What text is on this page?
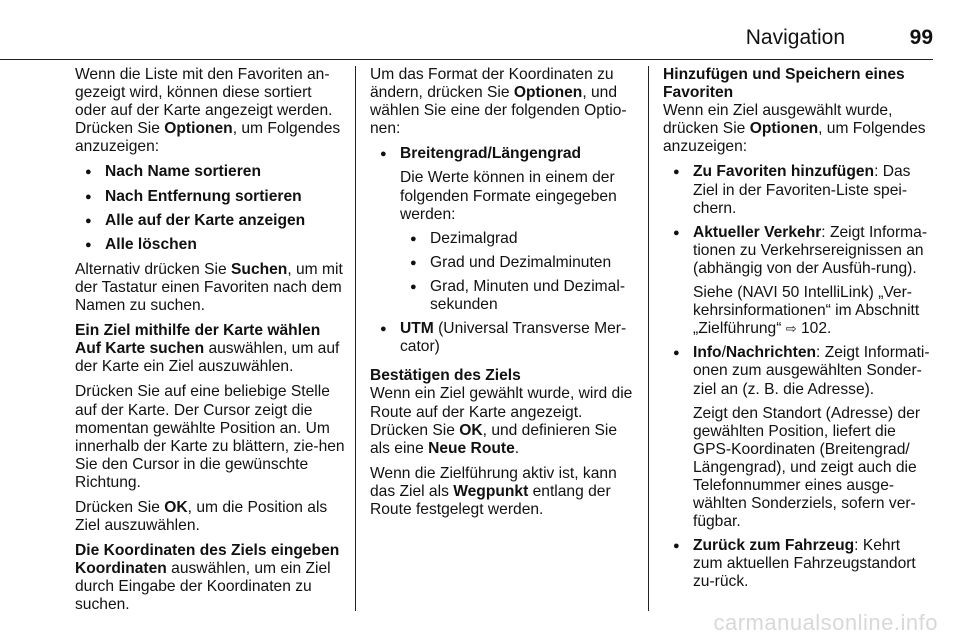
Navigation	99

Wenn die Liste mit den Favoriten an-gezeigt wird, können diese sortiert oder auf der Karte angezeigt werden. Drücken Sie Optionen, um Folgendes anzuzeigen:

● Nach Name sortieren
● Nach Entfernung sortieren
● Alle auf der Karte anzeigen
● Alle löschen

Alternativ drücken Sie Suchen, um mit der Tastatur einen Favoriten nach dem Namen zu suchen.

Ein Ziel mithilfe der Karte wählen Auf Karte suchen auswählen, um auf der Karte ein Ziel auszuwählen.

Drücken Sie auf eine beliebige Stelle auf der Karte. Der Cursor zeigt die momentan gewählte Position an. Um innerhalb der Karte zu blättern, zie-hen Sie den Cursor in die gewünschte Richtung.

Drücken Sie OK, um die Position als Ziel auszuwählen.

Die Koordinaten des Ziels eingeben Koordinaten auswählen, um ein Ziel durch Eingabe der Koordinaten zu suchen.

Um das Format der Koordinaten zu ändern, drücken Sie Optionen, und wählen Sie eine der folgenden Optio-nen:

● Breitengrad/Längengrad
Die Werte können in einem der folgenden Formate eingegeben werden:
● Dezimalgrad
● Grad und Dezimalminuten
● Grad, Minuten und Dezimal-sekunden
● UTM (Universal Transverse Mer-cator)

Bestätigen des Ziels

Wenn ein Ziel gewählt wurde, wird die Route auf der Karte angezeigt.

Drücken Sie OK, und definieren Sie als eine Neue Route.

Wenn die Zielführung aktiv ist, kann das Ziel als Wegpunkt entlang der Route festgelegt werden.

Hinzufügen und Speichern eines Favoriten

Wenn ein Ziel ausgewählt wurde, drücken Sie Optionen, um Folgendes anzuzeigen:

● Zu Favoriten hinzufügen: Das Ziel in der Favoriten-Liste spei-chern.
● Aktueller Verkehr: Zeigt Informa-tionen zu Verkehrsereignissen an (abhängig von der Ausfüh-rung).
Siehe (NAVI 50 IntelliLink) „Ver-kehrsinformationen“ im Abschnitt „Zielführung“ ⇨ 102.
● Info/Nachrichten: Zeigt Informati-onen zum ausgewählten Sonder-ziel an (z. B. die Adresse).
Zeigt den Standort (Adresse) der gewählten Position, liefert die GPS-Koordinaten (Breitengrad/ Längengrad), und zeigt auch die Telefonnummer eines ausge-wählten Sonderziels, sofern ver-fügbar.
● Zurück zum Fahrzeug: Kehrt zum aktuellen Fahrzeugstandort zu-rück.
carmanualsonline.info
